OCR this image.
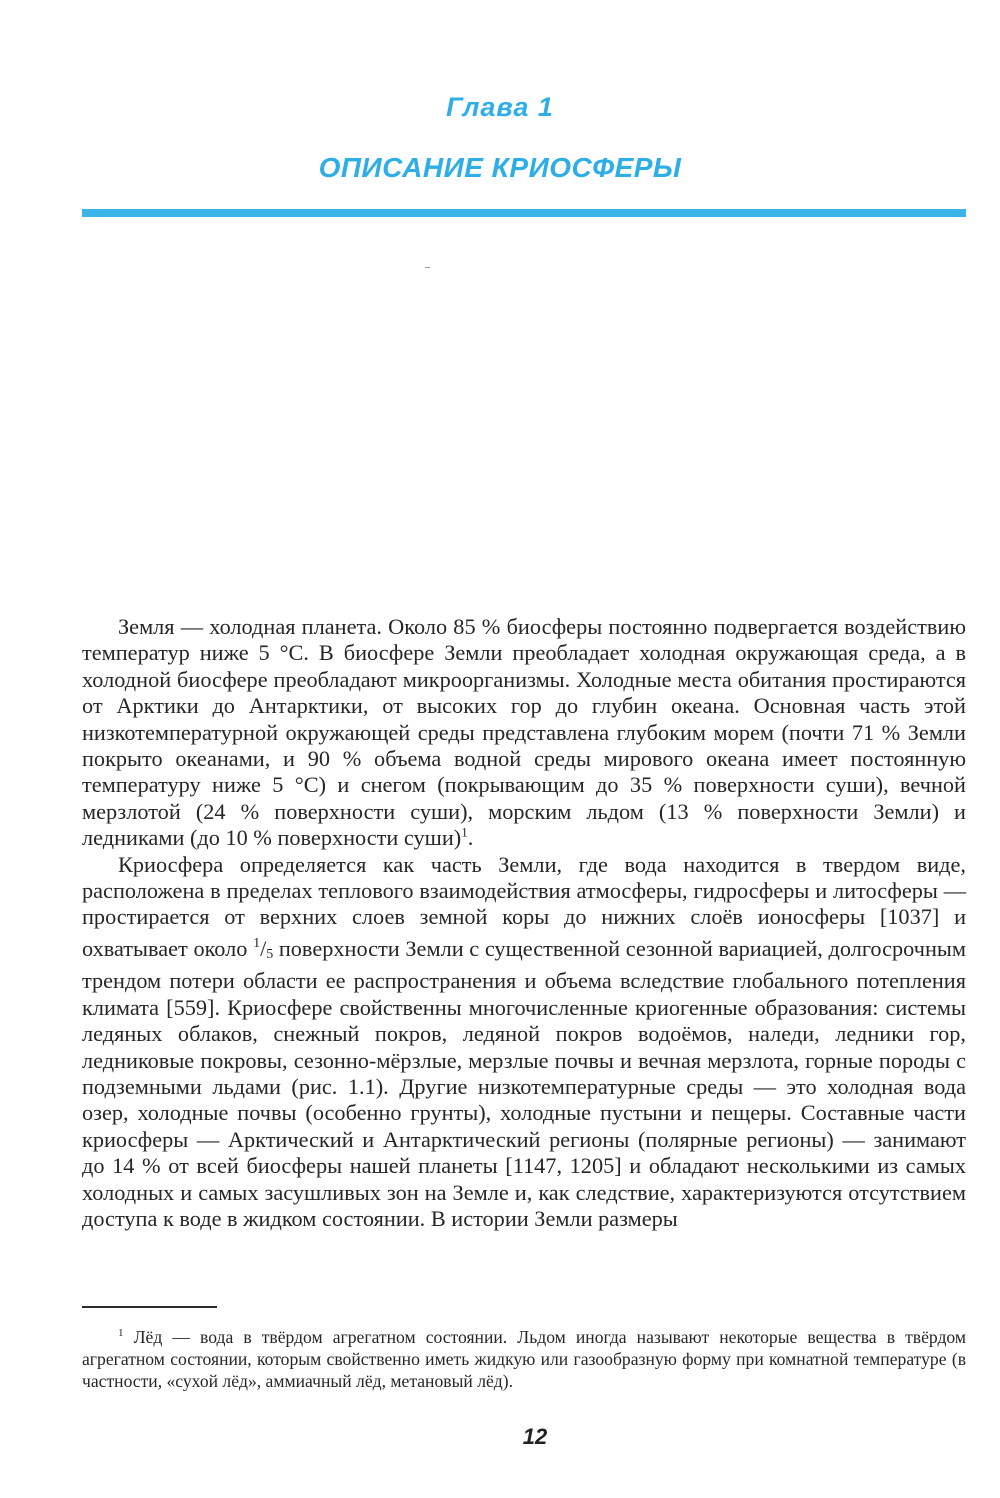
Глава 1
ОПИСАНИЕ КРИОСФЕРЫ

Земля — холодная планета. Около 85 % биосферы постоянно подвергается воздействию температур ниже 5 °С. В биосфере Земли преобладает холодная окружающая среда, а в холодной биосфере преобладают микроорганизмы. Холодные места обитания простираются от Арктики до Антарктики, от высоких гор до глубин океана. Основная часть этой низкотемпературной окружающей среды представлена глубоким морем (почти 71 % Земли покрыто океанами, и 90 % объема водной среды мирового океана имеет постоянную температуру ниже 5 °С) и снегом (покрывающим до 35 % поверхности суши), вечной мерзлотой (24 % поверхности суши), морским льдом (13 % поверхности Земли) и ледниками (до 10 % поверхности суши)$^1$.

Криосфера определяется как часть Земли, где вода находится в твердом виде, расположена в пределах теплового взаимодействия атмосферы, гидросферы и литосферы — простирается от верхних слоев земной коры до нижних слоёв ионосферы [1037] и охватывает около $^1$/5 поверхности Земли с существенной сезонной вариацией, долгосрочным трендом потери области ее распространения и объема вследствие глобального потепления климата [559]. Криосфере свойственны многочисленные криогенные образования: системы ледяных облаков, снежный покров, ледяной покров водоёмов, наледи, ледники гор, ледниковые покровы, сезонно-мёрзлые, мерзлые почвы и вечная мерзлота, горные породы с подземными льдами (рис. 1.1). Другие низкотемпературные среды — это холодная вода озер, холодные почвы (особенно грунты), холодные пустыни и пещеры. Составные части криосферы — Арктический и Антарктический регионы (полярные регионы) — занимают до 14 % от всей биосферы нашей планеты [1147, 1205] и обладают несколькими из самых холодных и самых засушливых зон на Земле и, как следствие, характеризуются отсутствием доступа к воде в жидком состоянии. В истории Земли размеры

$^1$ Лёд — вода в твёрдом агрегатном состоянии. Льдом иногда называют некоторые вещества в твёрдом агрегатном состоянии, которым свойственно иметь жидкую или газообразную форму при комнатной температуре (в частности, «сухой лёд», аммиачный лёд, метановый лёд).

12
